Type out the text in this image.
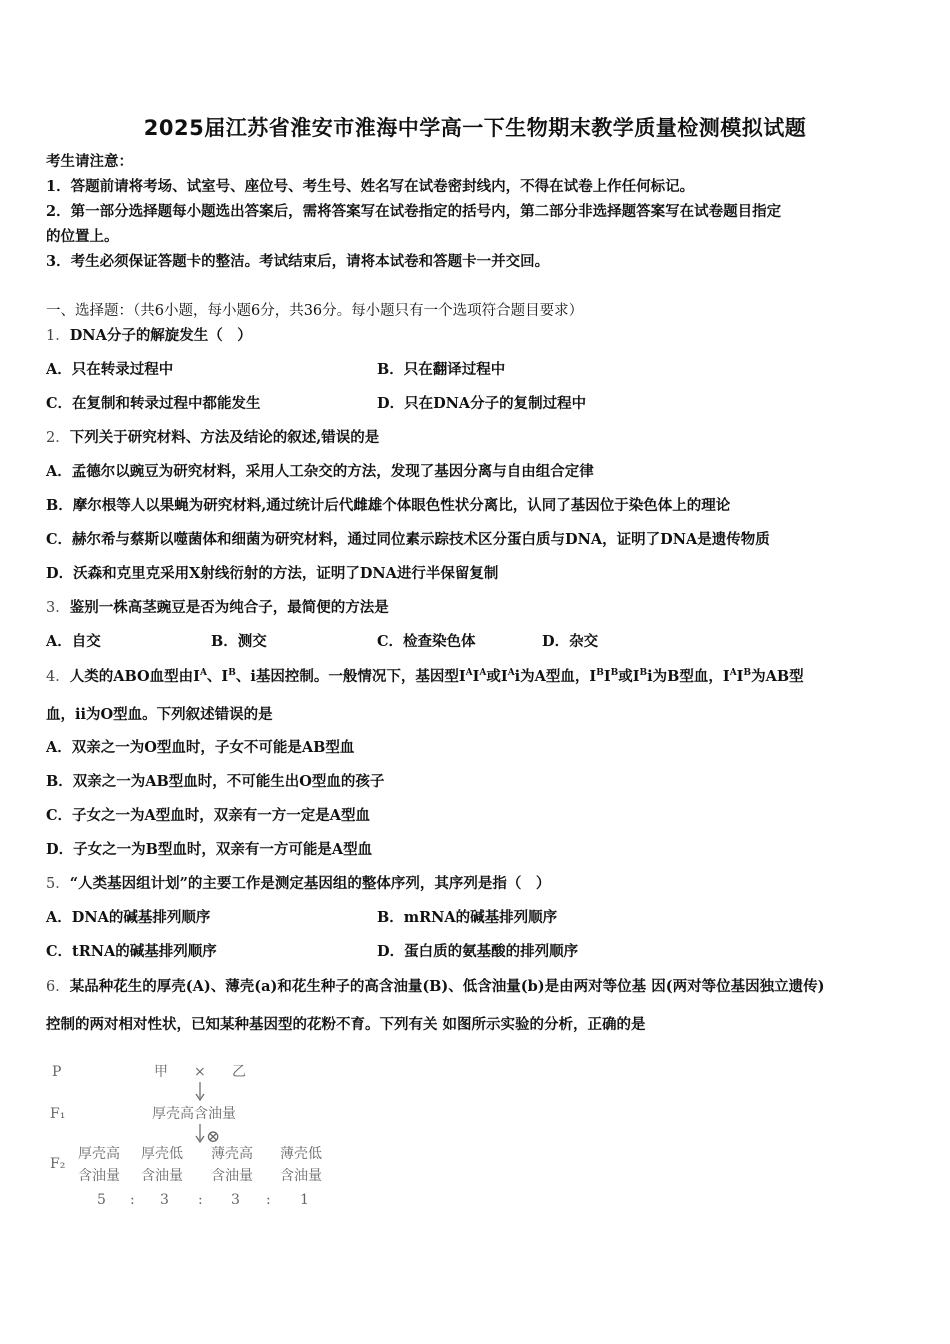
2025届江苏省淮安市淮海中学高一下生物期末教学质量检测模拟试题
考生请注意：
1．答题前请将考场、试室号、座位号、考生号、姓名写在试卷密封线内，不得在试卷上作任何标记。
2．第一部分选择题每小题选出答案后，需将答案写在试卷指定的括号内，第二部分非选择题答案写在试卷题目指定
的位置上。
3．考生必须保证答题卡的整洁。考试结束后，请将本试卷和答题卡一并交回。
一、选择题：（共6小题，每小题6分，共36分。每小题只有一个选项符合题目要求）
1．DNA分子的解旋发生（　）
A．只在转录过程中	B．只在翻译过程中
C．在复制和转录过程中都能发生	D．只在DNA分子的复制过程中
2．下列关于研究材料、方法及结论的叙述,错误的是
A．孟德尔以豌豆为研究材料，采用人工杂交的方法，发现了基因分离与自由组合定律
B．摩尔根等人以果蝇为研究材料,通过统计后代雌雄个体眼色性状分离比，认同了基因位于染色体上的理论
C．赫尔希与蔡斯以噬菌体和细菌为研究材料，通过同位素示踪技术区分蛋白质与DNA，证明了DNA是遗传物质
D．沃森和克里克采用X射线衍射的方法，证明了DNA进行半保留复制
3．鉴别一株高茎豌豆是否为纯合子，最简便的方法是
A．自交	B．测交	C．检查染色体	D．杂交
4．人类的ABO血型由$I^A$、$I^B$、i基因控制。一般情况下，基因型$I^AI^A$或$I^Ai$为A型血，$I^BI^B$或$I^Bi$为B型血，$I^AI^B$为AB型
血，ii为O型血。下列叙述错误的是
A．双亲之一为O型血时，子女不可能是AB型血
B．双亲之一为AB型血时，不可能生出O型血的孩子
C．子女之一为A型血时，双亲有一方一定是A型血
D．子女之一为B型血时，双亲有一方可能是A型血
5．“人类基因组计划”的主要工作是测定基因组的整体序列，其序列是指（　）
A．DNA的碱基排列顺序	B．mRNA的碱基排列顺序
C．tRNA的碱基排列顺序	D．蛋白质的氨基酸的排列顺序
6．某品种花生的厚壳(A)、薄壳(a)和花生种子的高含油量(B)、低含油量(b)是由两对等位基 因(两对等位基因独立遗传)
控制的两对相对性状，已知某种基因型的花粉不育。下列有关 如图所示实验的分析，正确的是
P	甲 × 乙
F₁	厚壳高含油量
⊗
F₂
厚壳高
含油量
厚壳低
含油量
薄壳高
含油量
薄壳低
含油量
5 : 3 : 3 : 1
